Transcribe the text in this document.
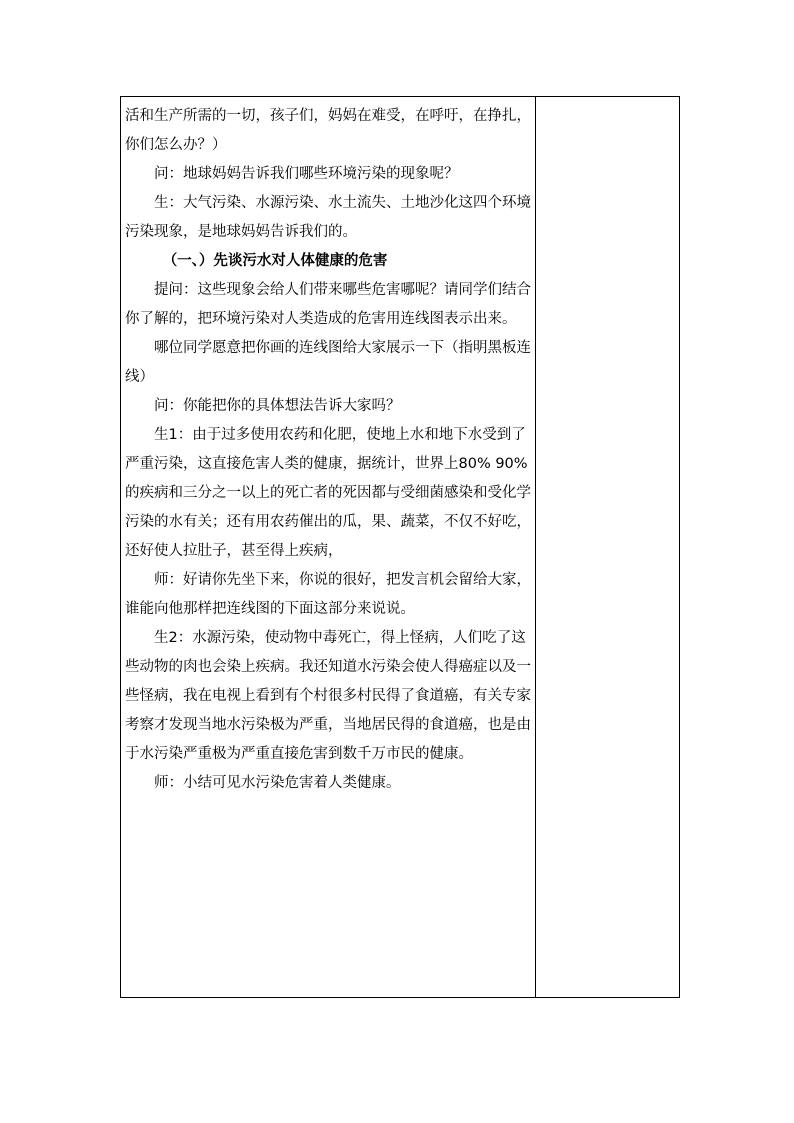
活和生产所需的一切，孩子们，妈妈在难受，在呼吁，在挣扎，你们怎么办？）

问：地球妈妈告诉我们哪些环境污染的现象呢？

生：大气污染、水源污染、水土流失、土地沙化这四个环境污染现象，是地球妈妈告诉我们的。

（一、）先谈污水对人体健康的危害

提问：这些现象会给人们带来哪些危害哪呢？请同学们结合你了解的，把环境污染对人类造成的危害用连线图表示出来。

哪位同学愿意把你画的连线图给大家展示一下（指明黑板连线）

问：你能把你的具体想法告诉大家吗？

生1：由于过多使用农药和化肥，使地上水和地下水受到了严重污染，这直接危害人类的健康，据统计，世界上80% 90%的疾病和三分之一以上的死亡者的死因都与受细菌感染和受化学污染的水有关；还有用农药催出的瓜，果、蔬菜，不仅不好吃，还好使人拉肚子，甚至得上疾病，

师：好请你先坐下来，你说的很好，把发言机会留给大家，谁能向他那样把连线图的下面这部分来说说。

生2：水源污染，使动物中毒死亡，得上怪病，人们吃了这些动物的肉也会染上疾病。我还知道水污染会使人得癌症以及一些怪病，我在电视上看到有个村很多村民得了食道癌，有关专家考察才发现当地水污染极为严重，当地居民得的食道癌，也是由于水污染严重极为严重直接危害到数千万市民的健康。

师：小结可见水污染危害着人类健康。
